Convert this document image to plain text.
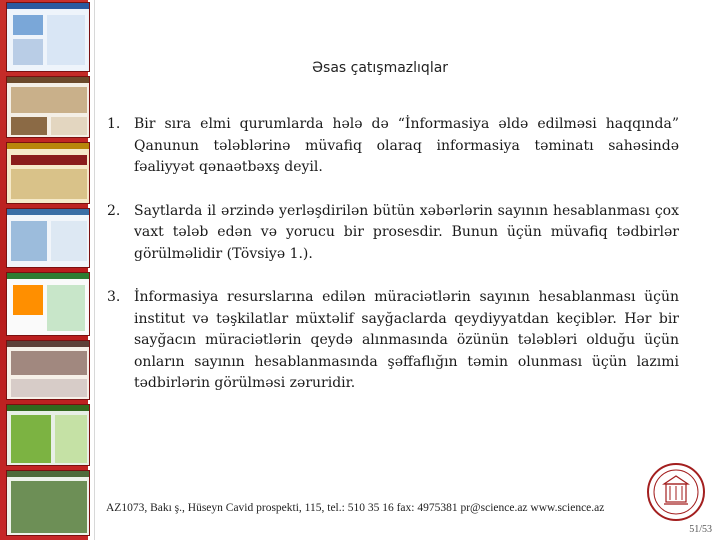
Əsas çatışmazlıqlar
1. Bir sıra elmi qurumlarda hələ də “İnformasiya əldə edilməsi haqqında” Qanunun tələblərinə müvafiq olaraq informasiya təminatı sahəsində fəaliyyət qənaətbəxş deyil.
2. Saytlarda il ərzində yerləşdirilən bütün xəbərlərin sayının hesablanması çox vaxt tələb edən və yorucu bir prosesdir. Bunun üçün müvafiq tədbirlər görülməlidir (Tövsiyə 1.).
3. İnformasiya resurslarına edilən müraciətlərin sayının hesablanması üçün institut və təşkilatlar müxtəlif sayğaclarda qeydiyyatdan keçiblər. Hər bir sayğacın müraciətlərin qeydə alınmasında özünün tələbləri olduğu üçün onların sayının hesablanmasında şəffaflığın təmin olunması üçün lazımi tədbirlərin görülməsi zəruridir.
AZ1073, Bakı ş., Hüseyn Cavid prospekti, 115, tel.: 510 35 16 fax: 4975381 pr@science.az www.science.az
51/53
